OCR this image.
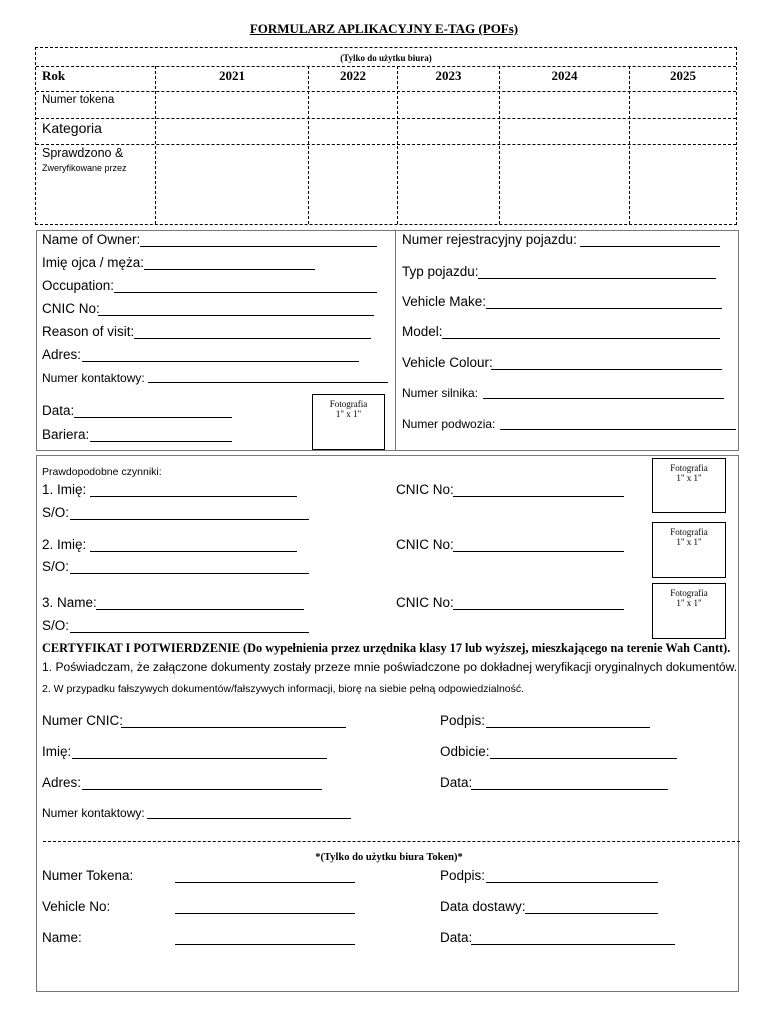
FORMULARZ APLIKACYJNY E-TAG (POFs)
(Tylko do użytku biura)
Rok	2021	2022	2023	2024	2025
Numer tokena
Kategoria
Sprawdzono &
Zweryfikowane przez
Name of Owner:
Imię ojca / męża:
Occupation:
CNIC No:
Reason of visit:
Adres:
Numer kontaktowy:
Data:
Bariera:
Fotografia
1" x 1"
Numer rejestracyjny pojazdu:
Typ pojazdu:
Vehicle Make:
Model:
Vehicle Colour:
Numer silnika:
Numer podwozia:
Prawdopodobne czynniki:
1. Imię:	CNIC No:
S/O:
2. Imię:	CNIC No:
S/O:
3. Name:	CNIC No:
S/O:
Fotografia
1" x 1"
Fotografia
1" x 1"
Fotografia
1" x 1"
CERTYFIKAT I POTWIERDZENIE (Do wypełnienia przez urzędnika klasy 17 lub wyższej, mieszkającego na terenie Wah Cantt).
1. Poświadczam, że załączone dokumenty zostały przeze mnie poświadczone po dokładnej weryfikacji oryginalnych dokumentów.
2. W przypadku fałszywych dokumentów/fałszywych informacji, biorę na siebie pełną odpowiedzialność.
Numer CNIC:	Podpis:
Imię:	Odbicie:
Adres:	Data:
Numer kontaktowy:
*(Tylko do użytku biura Token)*
Numer Tokena:	Podpis:
Vehicle No:	Data dostawy:
Name:	Data:
